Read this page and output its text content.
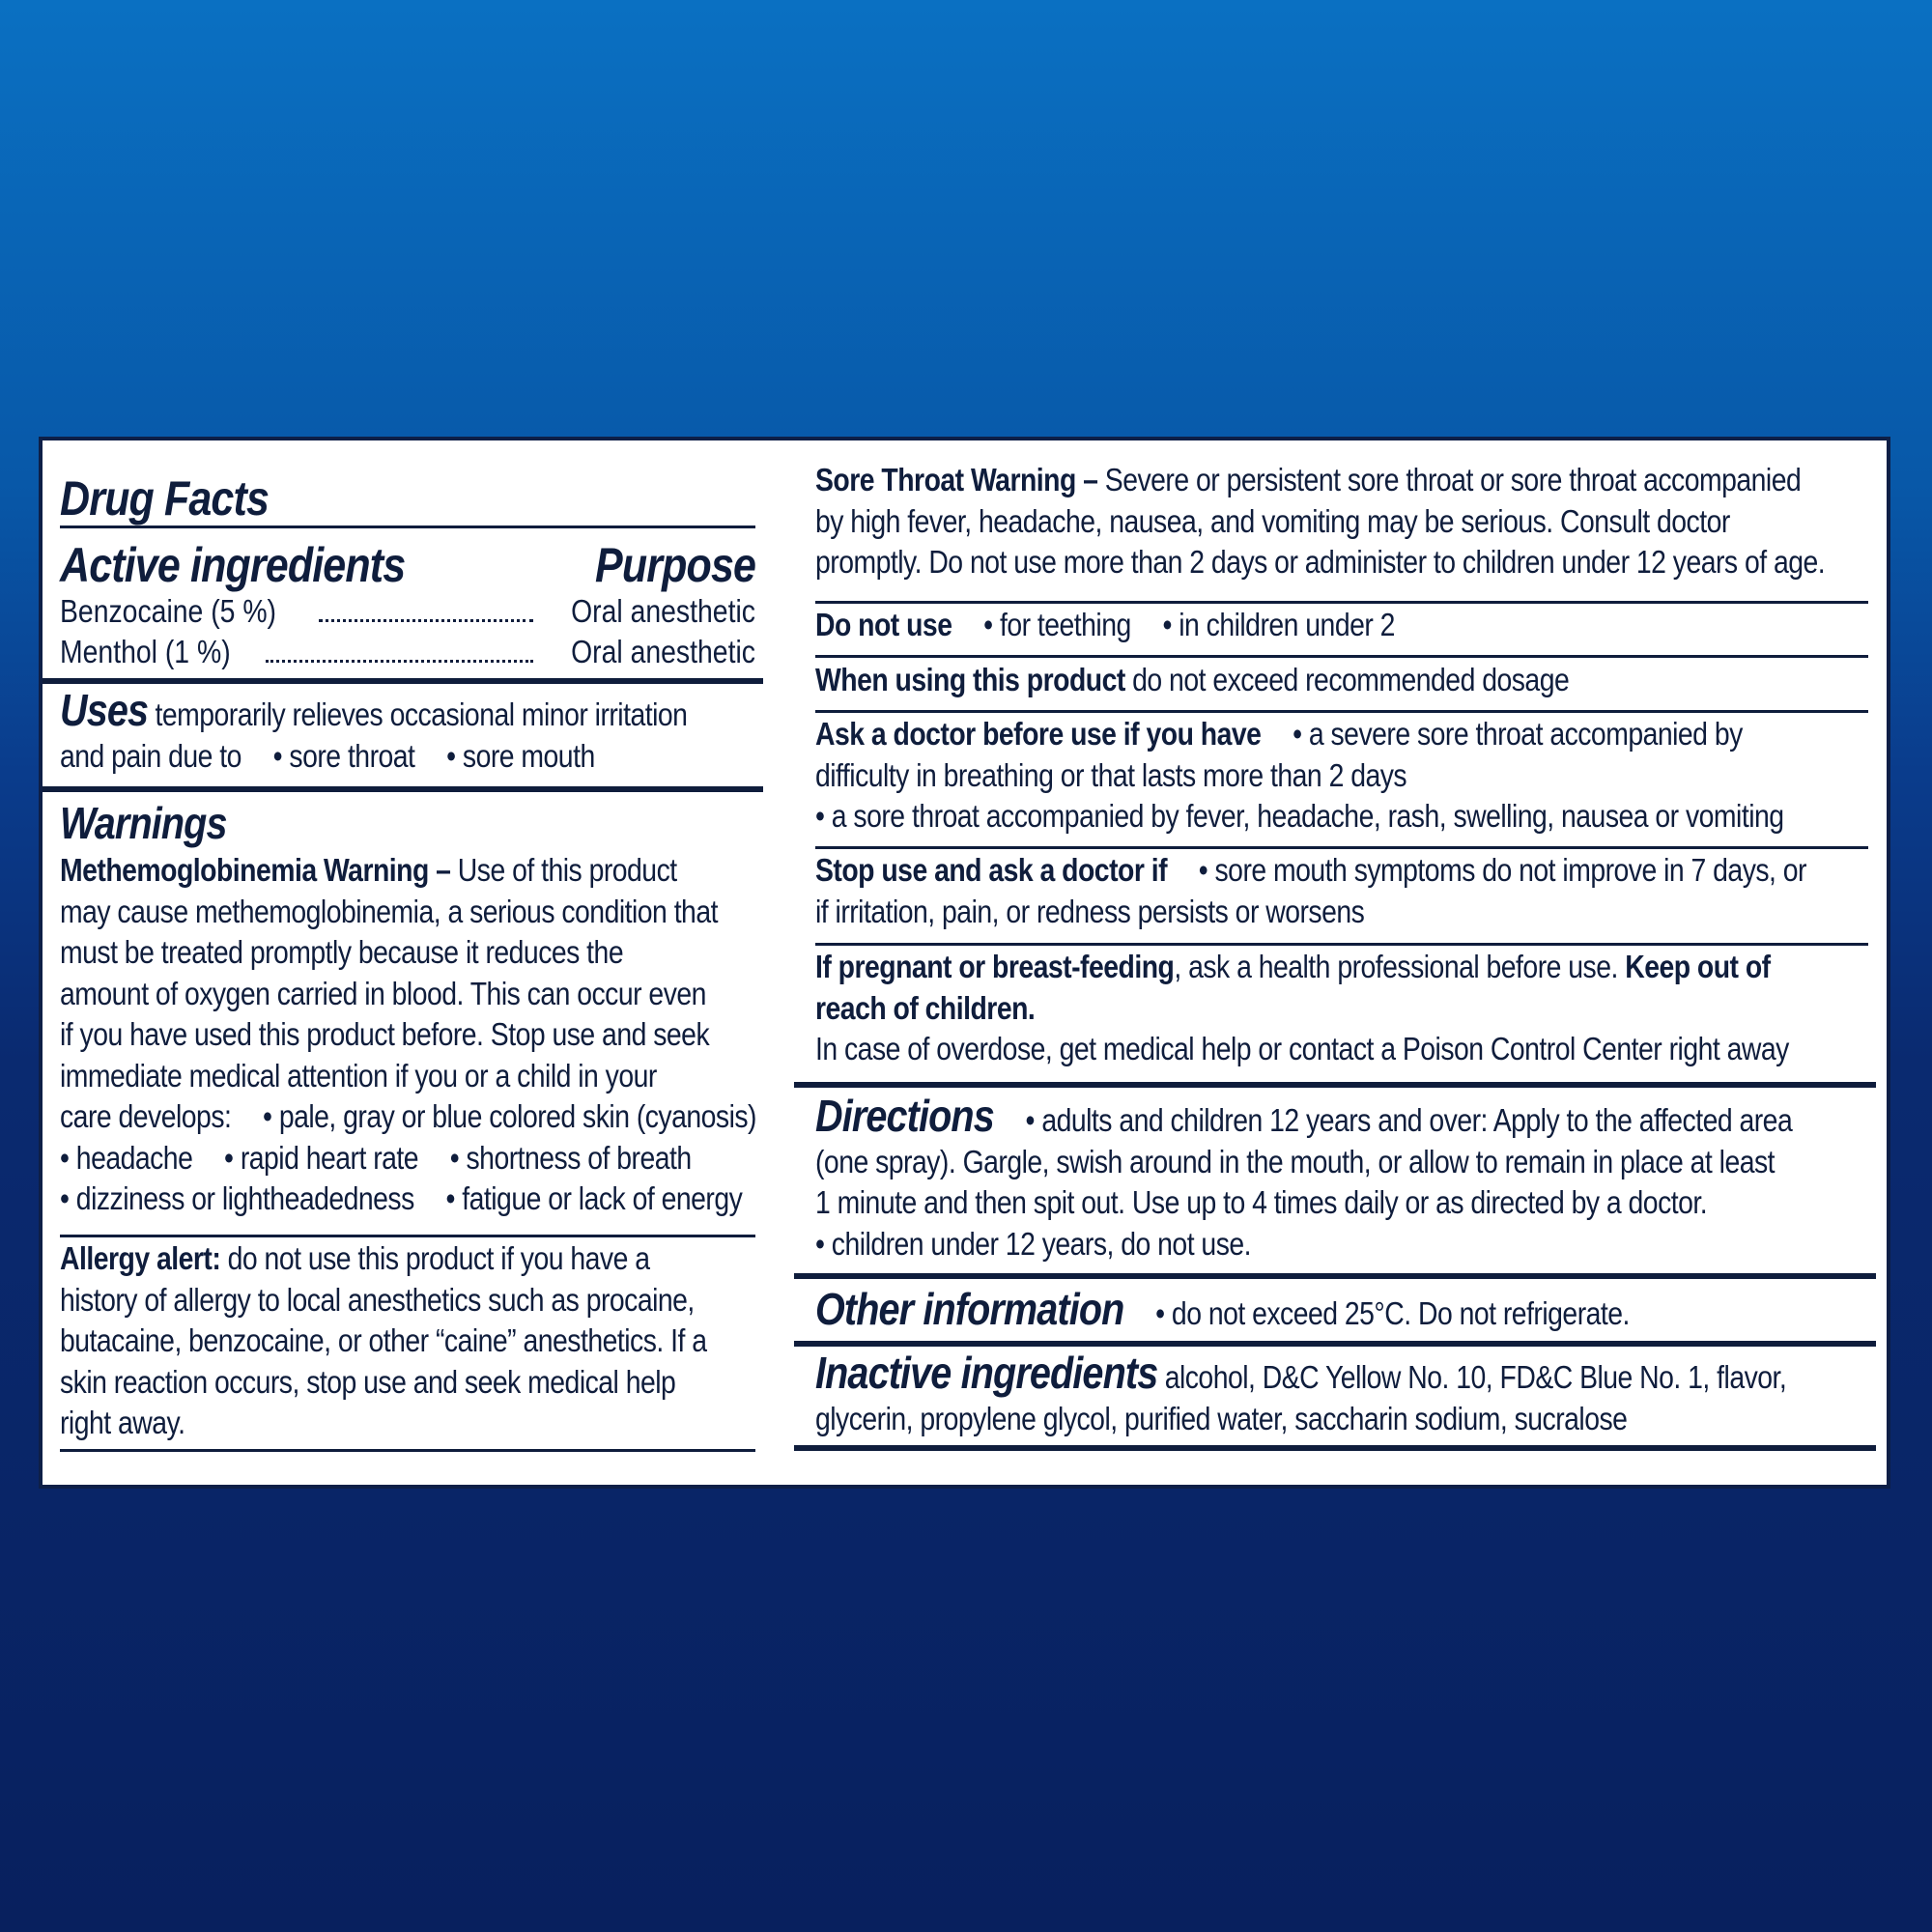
Drug Facts
Active ingredients	Purpose
Benzocaine (5 %)	Oral anesthetic
Menthol (1 %)	Oral anesthetic
Uses temporarily relieves occasional minor irritation
and pain due to • sore throat • sore mouth
Warnings
Methemoglobinemia Warning – Use of this product
may cause methemoglobinemia, a serious condition that
must be treated promptly because it reduces the
amount of oxygen carried in blood. This can occur even
if you have used this product before. Stop use and seek
immediate medical attention if you or a child in your
care develops: • pale, gray or blue colored skin (cyanosis)
• headache • rapid heart rate • shortness of breath
• dizziness or lightheadedness • fatigue or lack of energy
Allergy alert: do not use this product if you have a
history of allergy to local anesthetics such as procaine,
butacaine, benzocaine, or other “caine” anesthetics. If a
skin reaction occurs, stop use and seek medical help
right away.
Sore Throat Warning – Severe or persistent sore throat or sore throat accompanied
by high fever, headache, nausea, and vomiting may be serious. Consult doctor
promptly. Do not use more than 2 days or administer to children under 12 years of age.
Do not use • for teething • in children under 2
When using this product do not exceed recommended dosage
Ask a doctor before use if you have • a severe sore throat accompanied by
difficulty in breathing or that lasts more than 2 days
• a sore throat accompanied by fever, headache, rash, swelling, nausea or vomiting
Stop use and ask a doctor if • sore mouth symptoms do not improve in 7 days, or
if irritation, pain, or redness persists or worsens
If pregnant or breast-feeding, ask a health professional before use. Keep out of
reach of children.
In case of overdose, get medical help or contact a Poison Control Center right away
Directions • adults and children 12 years and over: Apply to the affected area
(one spray). Gargle, swish around in the mouth, or allow to remain in place at least
1 minute and then spit out. Use up to 4 times daily or as directed by a doctor.
• children under 12 years, do not use.
Other information • do not exceed 25°C. Do not refrigerate.
Inactive ingredients alcohol, D&C Yellow No. 10, FD&C Blue No. 1, flavor,
glycerin, propylene glycol, purified water, saccharin sodium, sucralose
